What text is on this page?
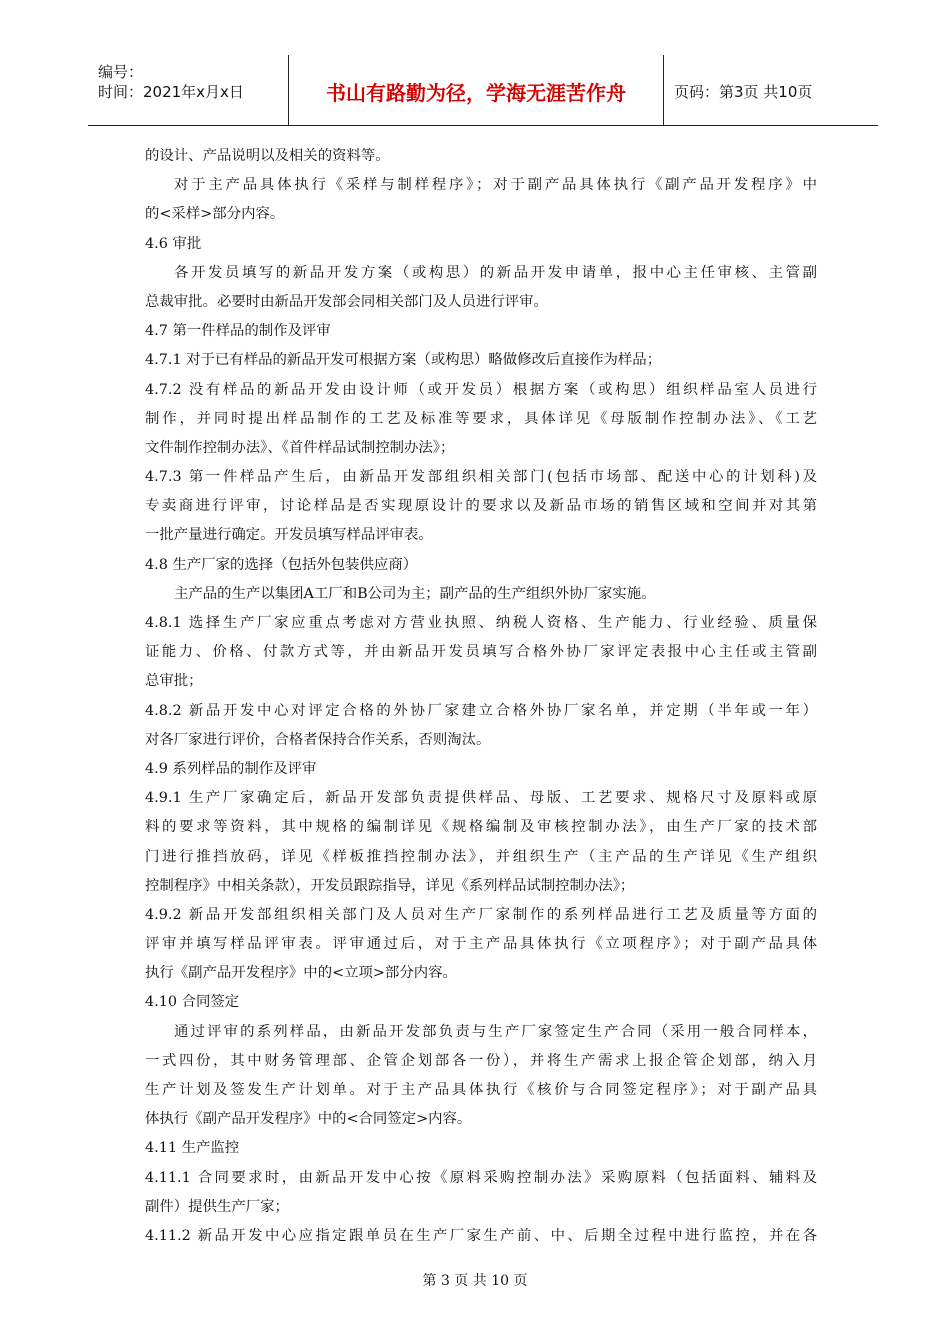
编号：
时间：2021年x月x日	书山有路勤为径，学海无涯苦作舟	页码：第3页 共10页
的设计、产品说明以及相关的资料等。
对于主产品具体执行《采样与制样程序》；对于副产品具体执行《副产品开发程序》中
的<采样>部分内容。
4.6 审批
各开发员填写的新品开发方案（或构思）的新品开发申请单，报中心主任审核、主管副
总裁审批。必要时由新品开发部会同相关部门及人员进行评审。
4.7 第一件样品的制作及评审
4.7.1 对于已有样品的新品开发可根据方案（或构思）略做修改后直接作为样品；
4.7.2 没有样品的新品开发由设计师（或开发员）根据方案（或构思）组织样品室人员进行
制作，并同时提出样品制作的工艺及标准等要求，具体详见《母版制作控制办法》、《工艺
文件制作控制办法》、《首件样品试制控制办法》；
4.7.3 第一件样品产生后，由新品开发部组织相关部门(包括市场部、配送中心的计划科)及
专卖商进行评审，讨论样品是否实现原设计的要求以及新品市场的销售区域和空间并对其第
一批产量进行确定。开发员填写样品评审表。
4.8 生产厂家的选择（包括外包装供应商）
主产品的生产以集团A工厂和B公司为主；副产品的生产组织外协厂家实施。
4.8.1 选择生产厂家应重点考虑对方营业执照、纳税人资格、生产能力、行业经验、质量保
证能力、价格、付款方式等，并由新品开发员填写合格外协厂家评定表报中心主任或主管副
总审批；
4.8.2 新品开发中心对评定合格的外协厂家建立合格外协厂家名单，并定期（半年或一年）
对各厂家进行评价，合格者保持合作关系，否则淘汰。
4.9 系列样品的制作及评审
4.9.1 生产厂家确定后，新品开发部负责提供样品、母版、工艺要求、规格尺寸及原料或原
料的要求等资料，其中规格的编制详见《规格编制及审核控制办法》，由生产厂家的技术部
门进行推挡放码，详见《样板推挡控制办法》，并组织生产（主产品的生产详见《生产组织
控制程序》中相关条款），开发员跟踪指导，详见《系列样品试制控制办法》；
4.9.2 新品开发部组织相关部门及人员对生产厂家制作的系列样品进行工艺及质量等方面的
评审并填写样品评审表。评审通过后，对于主产品具体执行《立项程序》；对于副产品具体
执行《副产品开发程序》中的<立项>部分内容。
4.10 合同签定
通过评审的系列样品，由新品开发部负责与生产厂家签定生产合同（采用一般合同样本，
一式四份，其中财务管理部、企管企划部各一份），并将生产需求上报企管企划部，纳入月
生产计划及签发生产计划单。对于主产品具体执行《核价与合同签定程序》；对于副产品具
体执行《副产品开发程序》中的<合同签定>内容。
4.11 生产监控
4.11.1 合同要求时，由新品开发中心按《原料采购控制办法》采购原料（包括面料、辅料及
副件）提供生产厂家；
4.11.2 新品开发中心应指定跟单员在生产厂家生产前、中、后期全过程中进行监控，并在各
第 3 页 共 10 页
